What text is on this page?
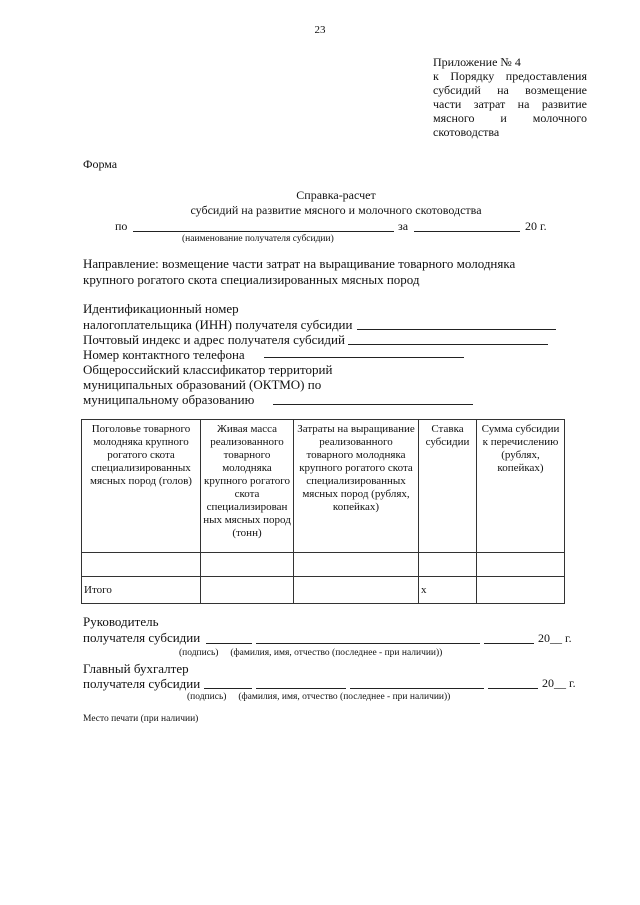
23
Приложение № 4
к Порядку предоставления
субсидий на возмещение
части затрат на развитие
мясного и молочного
скотоводства
Форма
Справка-расчет
субсидий на развитие мясного и молочного скотоводства
по	за	20 г.
(наименование получателя субсидии)
Направление: возмещение части затрат на выращивание товарного молодняка
крупного рогатого скота специализированных мясных пород
Идентификационный номер
налогоплательщика (ИНН) получателя субсидии
Почтовый индекс и адрес получателя субсидий
Номер контактного телефона
Общероссийский классификатор территорий
муниципальных образований (ОКТМО) по
муниципальному образованию
Поголовье товарного молодняка крупного рогатого скота специализированных мясных пород (голов)	Живая масса реализованного товарного молодняка крупного рогатого скота специализирован ных мясных пород (тонн)	Затраты на выращивание реализованного товарного молодняка крупного рогатого скота специализированных мясных пород (рублях, копейках)	Ставка субсидии	Сумма субсидии к перечислению (рублях, копейках)

Итого			х	
Руководитель
получателя субсидии	20__ г.
(подпись)     (фамилия, имя, отчество (последнее - при наличии))
Главный бухгалтер
получателя субсидии	20__ г.
(подпись)     (фамилия, имя, отчество (последнее - при наличии))
Место печати (при наличии)
